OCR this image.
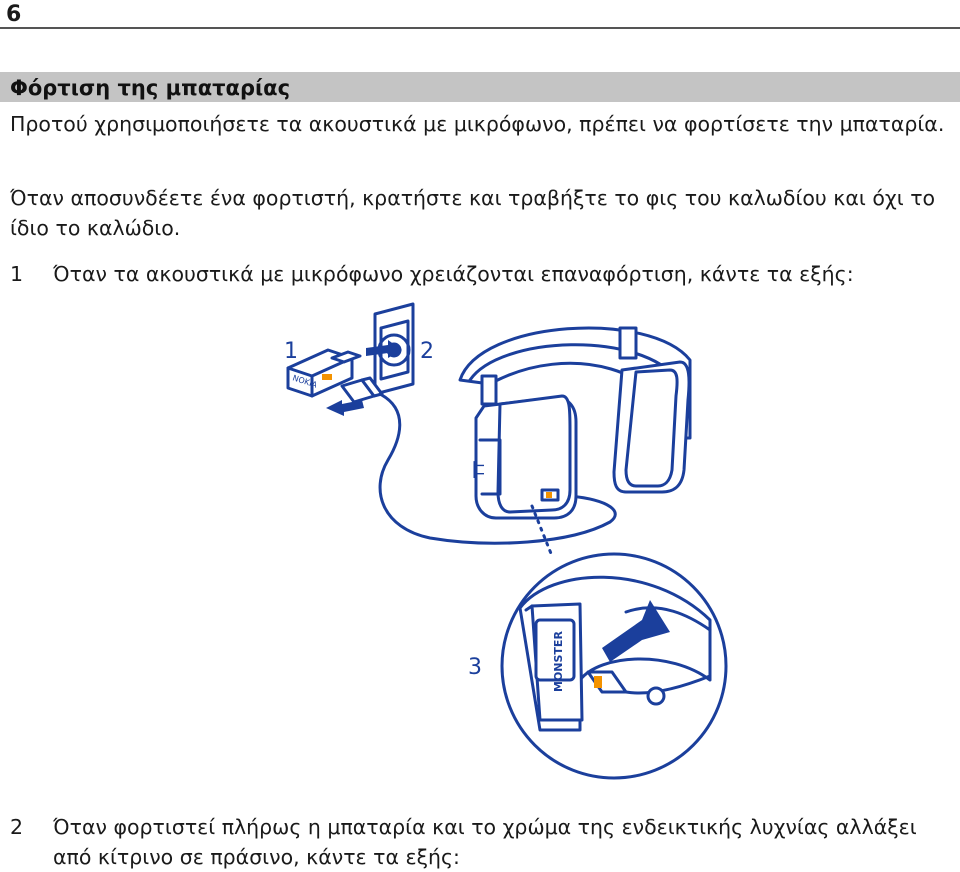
6
Φόρτιση της μπαταρίας
Προτού χρησιμοποιήσετε τα ακουστικά με μικρόφωνο, πρέπει να φορτίσετε την μπαταρία.
Όταν αποσυνδέετε ένα φορτιστή, κρατήστε και τραβήξτε το φις του καλωδίου και όχι το ίδιο το καλώδιο.
1 Όταν τα ακουστικά με μικρόφωνο χρειάζονται επαναφόρτιση, κάντε τα εξής:
1	2
3
NOKIA
TT
MONSTER
2 Όταν φορτιστεί πλήρως η μπαταρία και το χρώμα της ενδεικτικής λυχνίας αλλάξει από κίτρινο σε πράσινο, κάντε τα εξής:
